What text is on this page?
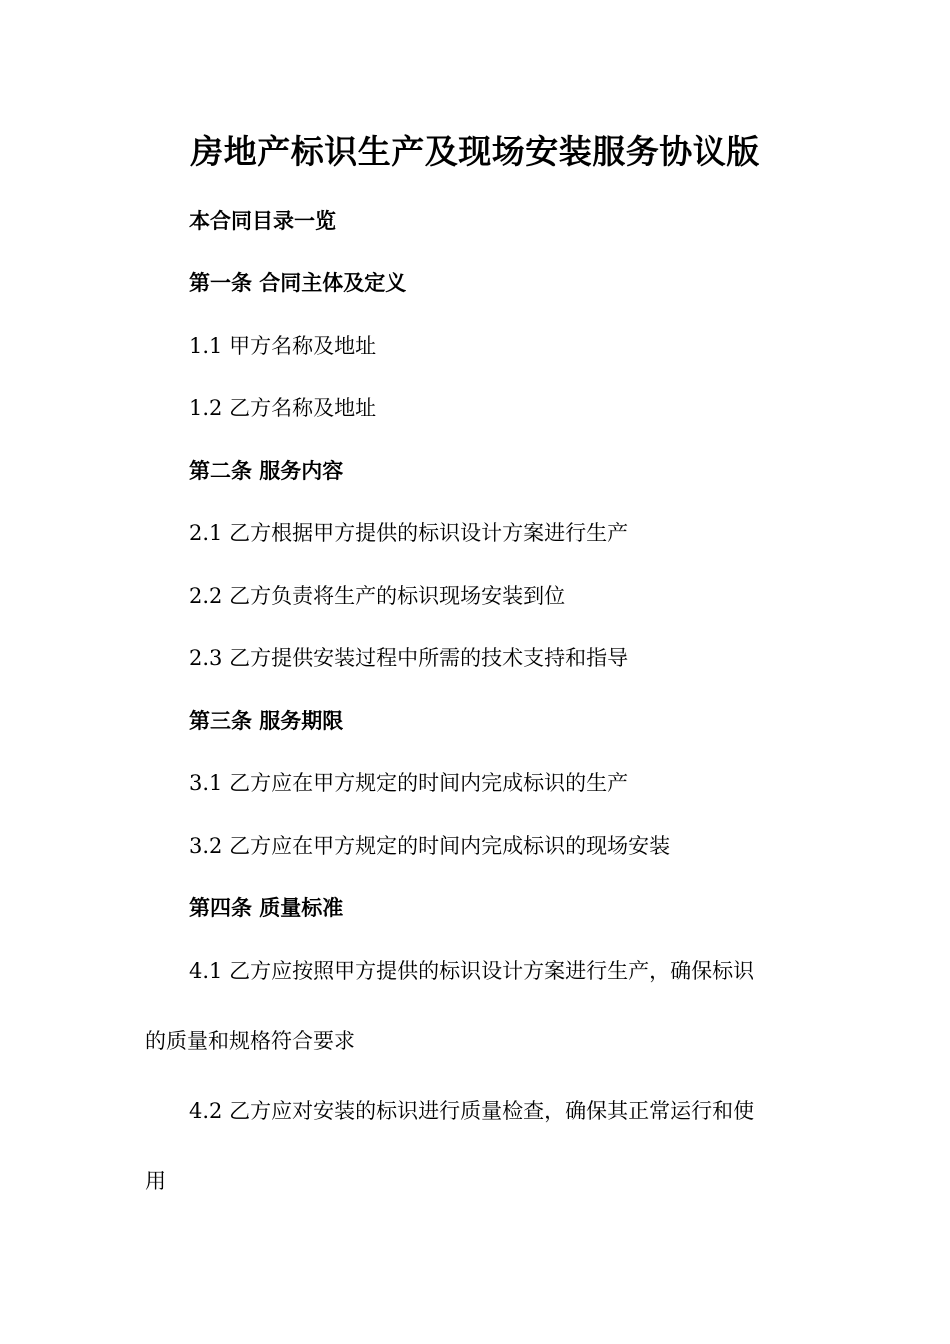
房地产标识生产及现场安装服务协议版

本合同目录一览

第一条 合同主体及定义

1.1 甲方名称及地址

1.2 乙方名称及地址

第二条 服务内容

2.1 乙方根据甲方提供的标识设计方案进行生产

2.2 乙方负责将生产的标识现场安装到位

2.3 乙方提供安装过程中所需的技术支持和指导

第三条 服务期限

3.1 乙方应在甲方规定的时间内完成标识的生产

3.2 乙方应在甲方规定的时间内完成标识的现场安装

第四条 质量标准

4.1 乙方应按照甲方提供的标识设计方案进行生产，确保标识
的质量和规格符合要求
4.2 乙方应对安装的标识进行质量检查，确保其正常运行和使
用
